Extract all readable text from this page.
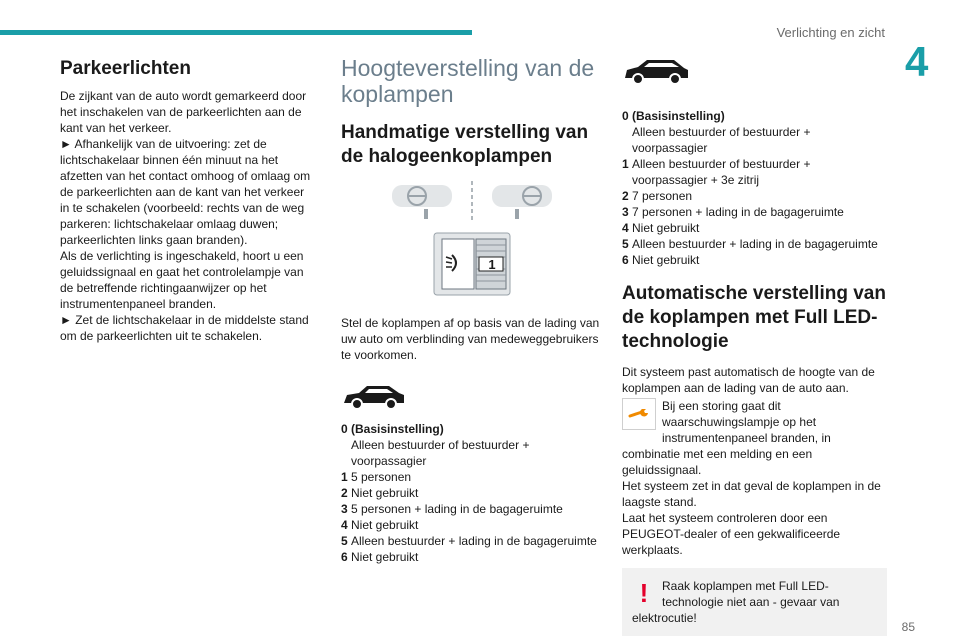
Verlichting en zicht
4
Parkeerlichten

De zijkant van de auto wordt gemarkeerd door het inschakelen van de parkeerlichten aan de kant van het verkeer.

► Afhankelijk van de uitvoering: zet de lichtschakelaar binnen één minuut na het afzetten van het contact omhoog of omlaag om de parkeerlichten aan de kant van het verkeer in te schakelen (voorbeeld: rechts van de weg parkeren: lichtschakelaar omlaag duwen; parkeerlichten links gaan branden).

Als de verlichting is ingeschakeld, hoort u een geluidssignaal en gaat het controlelampje van de betreffende richtingaanwijzer op het instrumentenpaneel branden.

► Zet de lichtschakelaar in de middelste stand om de parkeerlichten uit te schakelen.

Hoogteverstelling van de koplampen
Handmatige verstelling van de halogeenkoplampen
1

Stel de koplampen af op basis van de lading van uw auto om verblinding van medeweggebruikers te voorkomen.

0 (Basisinstelling)
Alleen bestuurder of bestuurder + voorpassagier
1 5 personen
2 Niet gebruikt
3 5 personen + lading in de bagageruimte
4 Niet gebruikt
5 Alleen bestuurder + lading in de bagageruimte
6 Niet gebruikt
0 (Basisinstelling)
Alleen bestuurder of bestuurder + voorpassagier
1 Alleen bestuurder of bestuurder + voorpassagier + 3e zitrij
2 7 personen
3 7 personen + lading in de bagageruimte
4 Niet gebruikt
5 Alleen bestuurder + lading in de bagageruimte
6 Niet gebruikt
Automatische verstelling van de koplampen met Full LED-technologie

Dit systeem past automatisch de hoogte van de koplampen aan de lading van de auto aan.

Bij een storing gaat dit waarschuwingslampje op het instrumentenpaneel branden, in combinatie met een melding en een geluidssignaal.

Het systeem zet in dat geval de koplampen in de laagste stand.

Laat het systeem controleren door een PEUGEOT-dealer of een gekwalificeerde werkplaats.

!	Raak koplampen met Full LED-technologie niet aan - gevaar van elektrocutie!
85
